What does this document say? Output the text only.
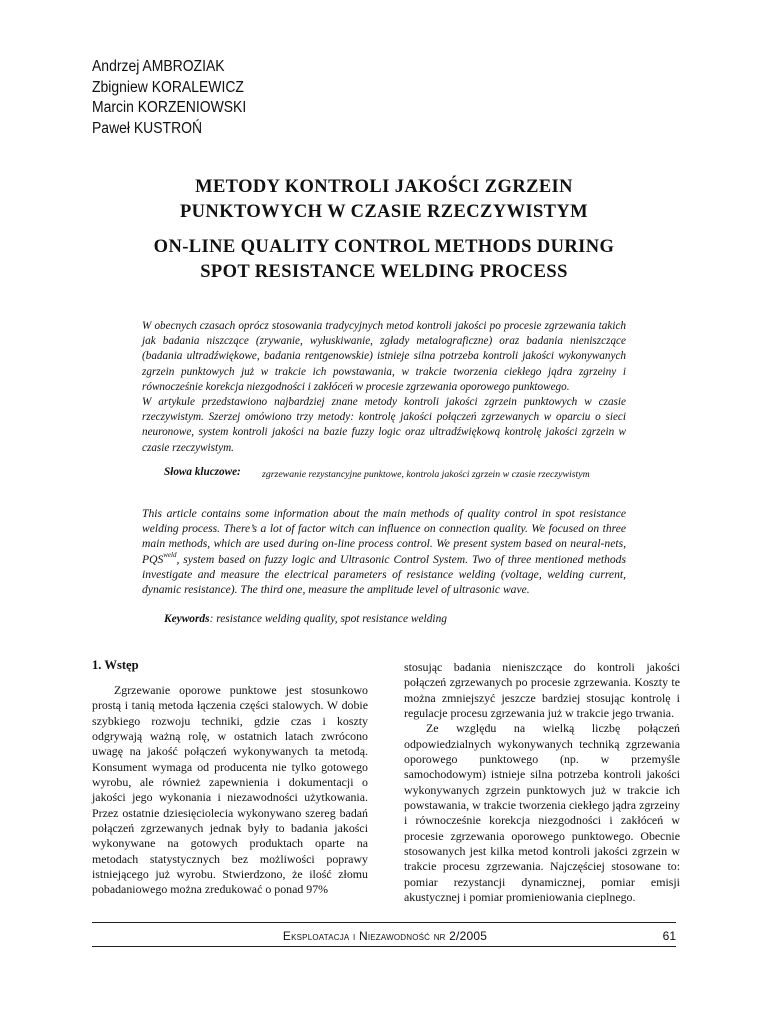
Andrzej AMBROZIAK
Zbigniew KORALEWICZ
Marcin KORZENIOWSKI
Paweł KUSTROŃ
METODY KONTROLI JAKOŚCI ZGRZEIN
PUNKTOWYCH W CZASIE RZECZYWISTYM
ON-LINE QUALITY CONTROL METHODS DURING
SPOT RESISTANCE WELDING PROCESS

W obecnych czasach oprócz stosowania tradycyjnych metod kontroli jakości po procesie zgrzewania takich jak badania niszczące (zrywanie, wyłuskiwanie, zgłady metalograficzne) oraz badania nieniszczące (badania ultradźwiękowe, badania rentgenowskie) istnieje silna potrzeba kontroli jakości wykonywanych zgrzein punktowych już w trakcie ich powstawania, w trakcie tworzenia ciekłego jądra zgrzeiny i równocześnie korekcja niezgodności i zakłóceń w procesie zgrzewania oporowego punktowego.

W artykule przedstawiono najbardziej znane metody kontroli jakości zgrzein punktowych w czasie rzeczywistym. Szerzej omówiono trzy metody: kontrolę jakości połączeń zgrzewanych w oparciu o sieci neuronowe, system kontroli jakości na bazie fuzzy logic oraz ultradźwiękową kontrolę jakości zgrzein w czasie rzeczywistym.

Słowa kluczowe: zgrzewanie rezystancyjne punktowe, kontrola jakości zgrzein w czasie rzeczywistym

This article contains some information about the main methods of quality control in spot resistance welding process. There’s a lot of factor witch can influence on connection quality. We focused on three main methods, which are used during on-line process control. We present system based on neural-nets, $PQS^{weld}$, system based on fuzzy logic and Ultrasonic Control System. Two of three mentioned methods investigate and measure the electrical parameters of resistance welding (voltage, welding current, dynamic resistance). The third one, measure the amplitude level of ultrasonic wave.

Keywords: resistance welding quality, spot resistance welding

1. Wstęp

Zgrzewanie oporowe punktowe jest stosunkowo prostą i tanią metoda łączenia części stalowych. W dobie szybkiego rozwoju techniki, gdzie czas i koszty odgrywają ważną rolę, w ostatnich latach zwrócono uwagę na jakość połączeń wykonywanych ta metodą. Konsument wymaga od producenta nie tylko gotowego wyrobu, ale również zapewnienia i dokumentacji o jakości jego wykonania i niezawodności użytkowania. Przez ostatnie dziesięciolecia wykonywano szereg badań połączeń zgrzewanych jednak były to badania jakości wykonywane na gotowych produktach oparte na metodach statystycznych bez możliwości poprawy istniejącego już wyrobu. Stwierdzono, że ilość złomu pobadaniowego można zredukować o ponad 97%

stosując badania nieniszczące do kontroli jakości połączeń zgrzewanych po procesie zgrzewania. Koszty te można zmniejszyć jeszcze bardziej stosując kontrolę i regulacje procesu zgrzewania już w trakcie jego trwania.

Ze względu na wielką liczbę połączeń odpowiedzialnych wykonywanych techniką zgrzewania oporowego punktowego (np. w przemyśle samochodowym) istnieje silna potrzeba kontroli jakości wykonywanych zgrzein punktowych już w trakcie ich powstawania, w trakcie tworzenia ciekłego jądra zgrzeiny i równocześnie korekcja niezgodności i zakłóceń w procesie zgrzewania oporowego punktowego. Obecnie stosowanych jest kilka metod kontroli jakości zgrzein w trakcie procesu zgrzewania. Najczęściej stosowane to: pomiar rezystancji dynamicznej, pomiar emisji akustycznej i pomiar promieniowania cieplnego.

Eksploatacja i Niezawodność nr 2/2005	61
